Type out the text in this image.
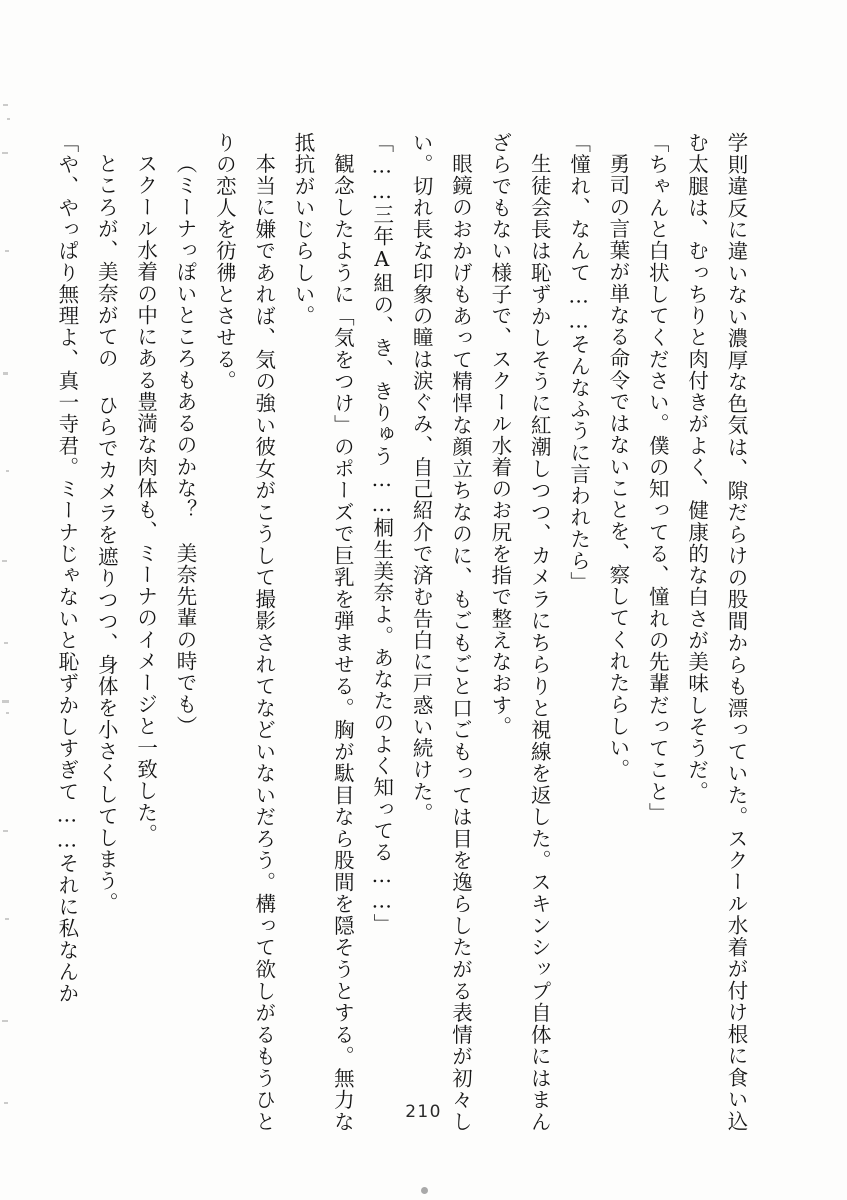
学則違反に違いない濃厚な色気は、隙だらけの股間からも漂っていた。スクール水着が付け根に食い込む太腿は、むっちりと肉付きがよく、健康的な白さが美味しそうだ。

「ちゃんと白状してください。僕の知ってる、憧れの先輩だってこと」

勇司の言葉が単なる命令ではないことを、察してくれたらしい。

「憧れ、なんて……そんなふうに言われたら」

生徒会長は恥ずかしそうに紅潮しつつ、カメラにちらりと視線を返した。スキンシップ自体にはまんざらでもない様子で、スクール水着のお尻を指で整えなおす。

眼鏡のおかげもあって精悍な顔立ちなのに、もごもごと口ごもっては目を逸らしたがる表情が初々しい。切れ長な印象の瞳は涙ぐみ、自己紹介で済む告白に戸惑い続けた。

「……三年A組の、き、きりゅう……桐生美奈よ。あなたのよく知ってる……」

観念したように「気をつけ」のポーズで巨乳を弾ませる。胸が駄目なら股間を隠そうとする。無力な抵抗がいじらしい。

本当に嫌であれば、気の強い彼女がこうして撮影されてなどいないだろう。構って欲しがるもうひとりの恋人を彷彿とさせる。

（ミーナっぽいところもあるのかな？　美奈先輩の時でも）

スクール水着の中にある豊満な肉体も、ミーナのイメージと一致した。

ところが、美奈がての ひらでカメラを遮りつつ、身体を小さくしてしまう。

「や、やっぱり無理よ、真一寺君。ミーナじゃないと恥ずかしすぎて……それに私なんか

210
